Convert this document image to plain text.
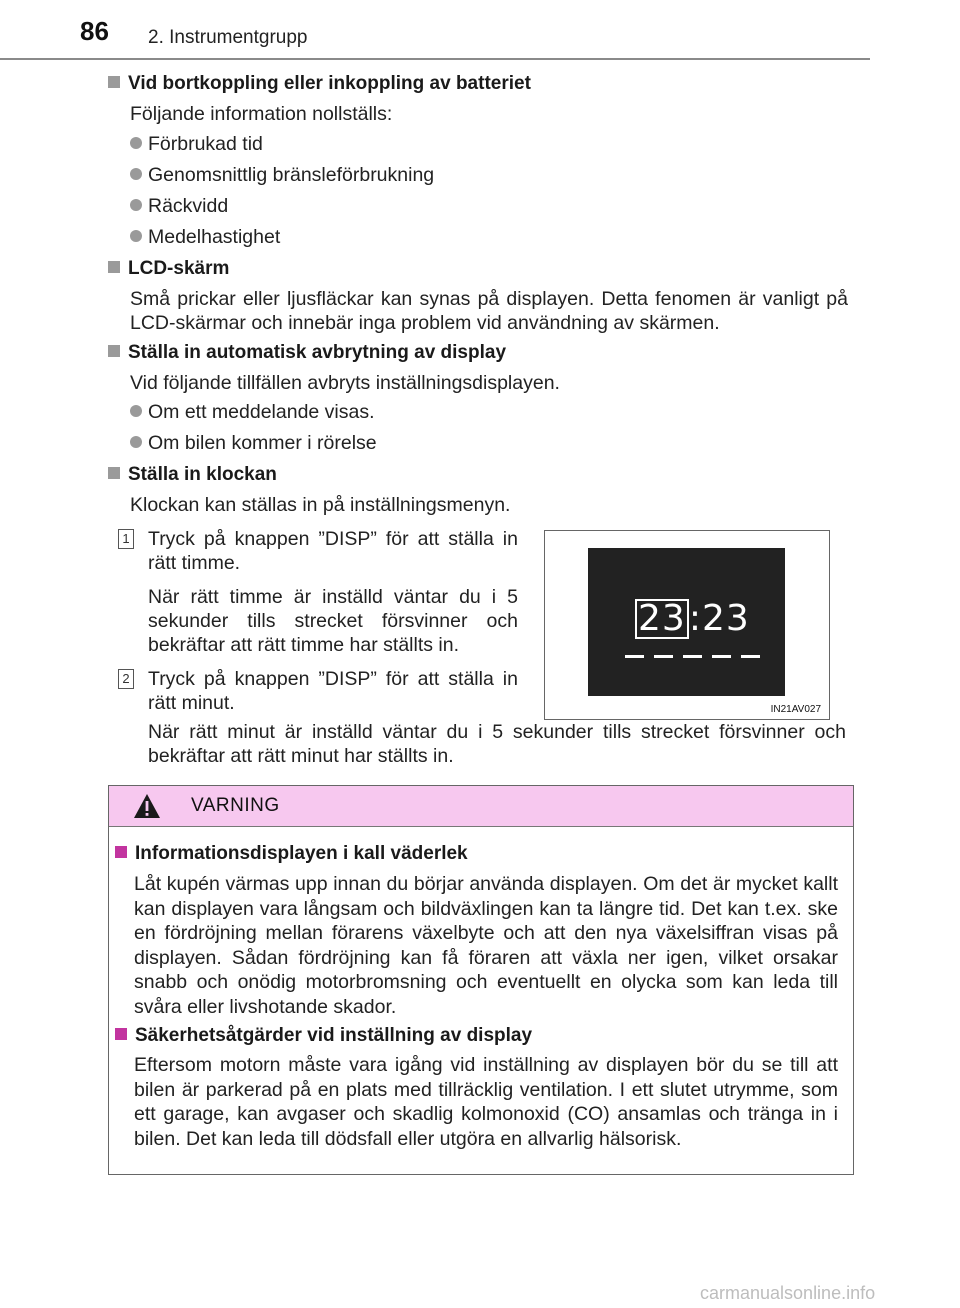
86 2. Instrumentgrupp
Vid bortkoppling eller inkoppling av batteriet
Följande information nollställs:
Förbrukad tid
Genomsnittlig bränsleförbrukning
Räckvidd
Medelhastighet
LCD-skärm
Små prickar eller ljusfläckar kan synas på displayen. Detta fenomen är vanligt på LCD-skärmar och innebär inga problem vid användning av skärmen.
Ställa in automatisk avbrytning av display
Vid följande tillfällen avbryts inställningsdisplayen.
Om ett meddelande visas.
Om bilen kommer i rörelse
Ställa in klockan
Klockan kan ställas in på inställningsmenyn.
1 Tryck på knappen ”DISP” för att ställa in rätt timme.
När rätt timme är inställd väntar du i 5 sekunder tills strecket försvinner och bekräftar att rätt timme har ställts in.
2 Tryck på knappen ”DISP” för att ställa in rätt minut.
När rätt minut är inställd väntar du i 5 sekunder tills strecket försvinner och bekräftar att rätt minut har ställts in.
23:23
IN21AV027
VARNING
Informationsdisplayen i kall väderlek
Låt kupén värmas upp innan du börjar använda displayen. Om det är mycket kallt kan displayen vara långsam och bildväxlingen kan ta längre tid. Det kan t.ex. ske en fördröjning mellan förarens växelbyte och att den nya växelsiffran visas på displayen. Sådan fördröjning kan få föraren att växla ner igen, vilket orsakar snabb och onödig motorbromsning och eventuellt en olycka som kan leda till svåra eller livshotande skador.
Säkerhetsåtgärder vid inställning av display
Eftersom motorn måste vara igång vid inställning av displayen bör du se till att bilen är parkerad på en plats med tillräcklig ventilation. I ett slutet utrymme, som ett garage, kan avgaser och skadlig kolmonoxid (CO) ansamlas och tränga in i bilen. Det kan leda till dödsfall eller utgöra en allvarlig hälsorisk.
carmanualsonline.info
